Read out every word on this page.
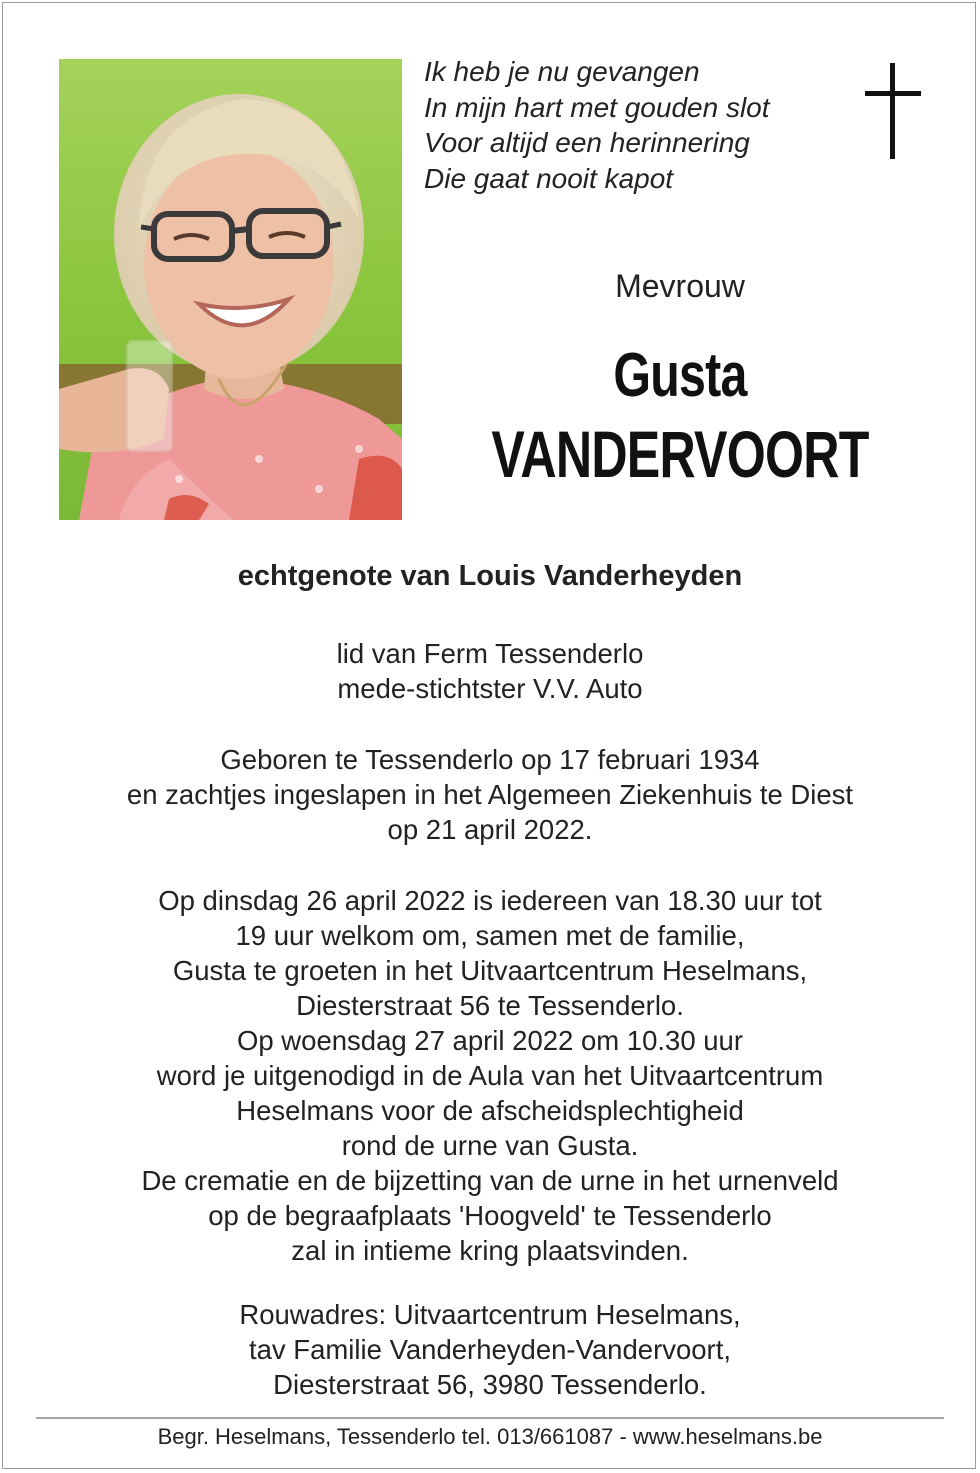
Ik heb je nu gevangen
In mijn hart met gouden slot
Voor altijd een herinnering
Die gaat nooit kapot
Mevrouw
Gusta
VANDERVOORT
echtgenote van Louis Vanderheyden
lid van Ferm Tessenderlo
mede-stichtster V.V. Auto
Geboren te Tessenderlo op 17 februari 1934
en zachtjes ingeslapen in het Algemeen Ziekenhuis te Diest
op 21 april 2022.
Op dinsdag 26 april 2022 is iedereen van 18.30 uur tot
19 uur welkom om, samen met de familie,
Gusta te groeten in het Uitvaartcentrum Heselmans,
Diesterstraat 56 te Tessenderlo.
Op woensdag 27 april 2022 om 10.30 uur
word je uitgenodigd in de Aula van het Uitvaartcentrum
Heselmans voor de afscheidsplechtigheid
rond de urne van Gusta.
De crematie en de bijzetting van de urne in het urnenveld
op de begraafplaats 'Hoogveld' te Tessenderlo
zal in intieme kring plaatsvinden.
Rouwadres: Uitvaartcentrum Heselmans,
tav Familie Vanderheyden-Vandervoort,
Diesterstraat 56, 3980 Tessenderlo.
Begr. Heselmans, Tessenderlo tel. 013/661087 - www.heselmans.be
